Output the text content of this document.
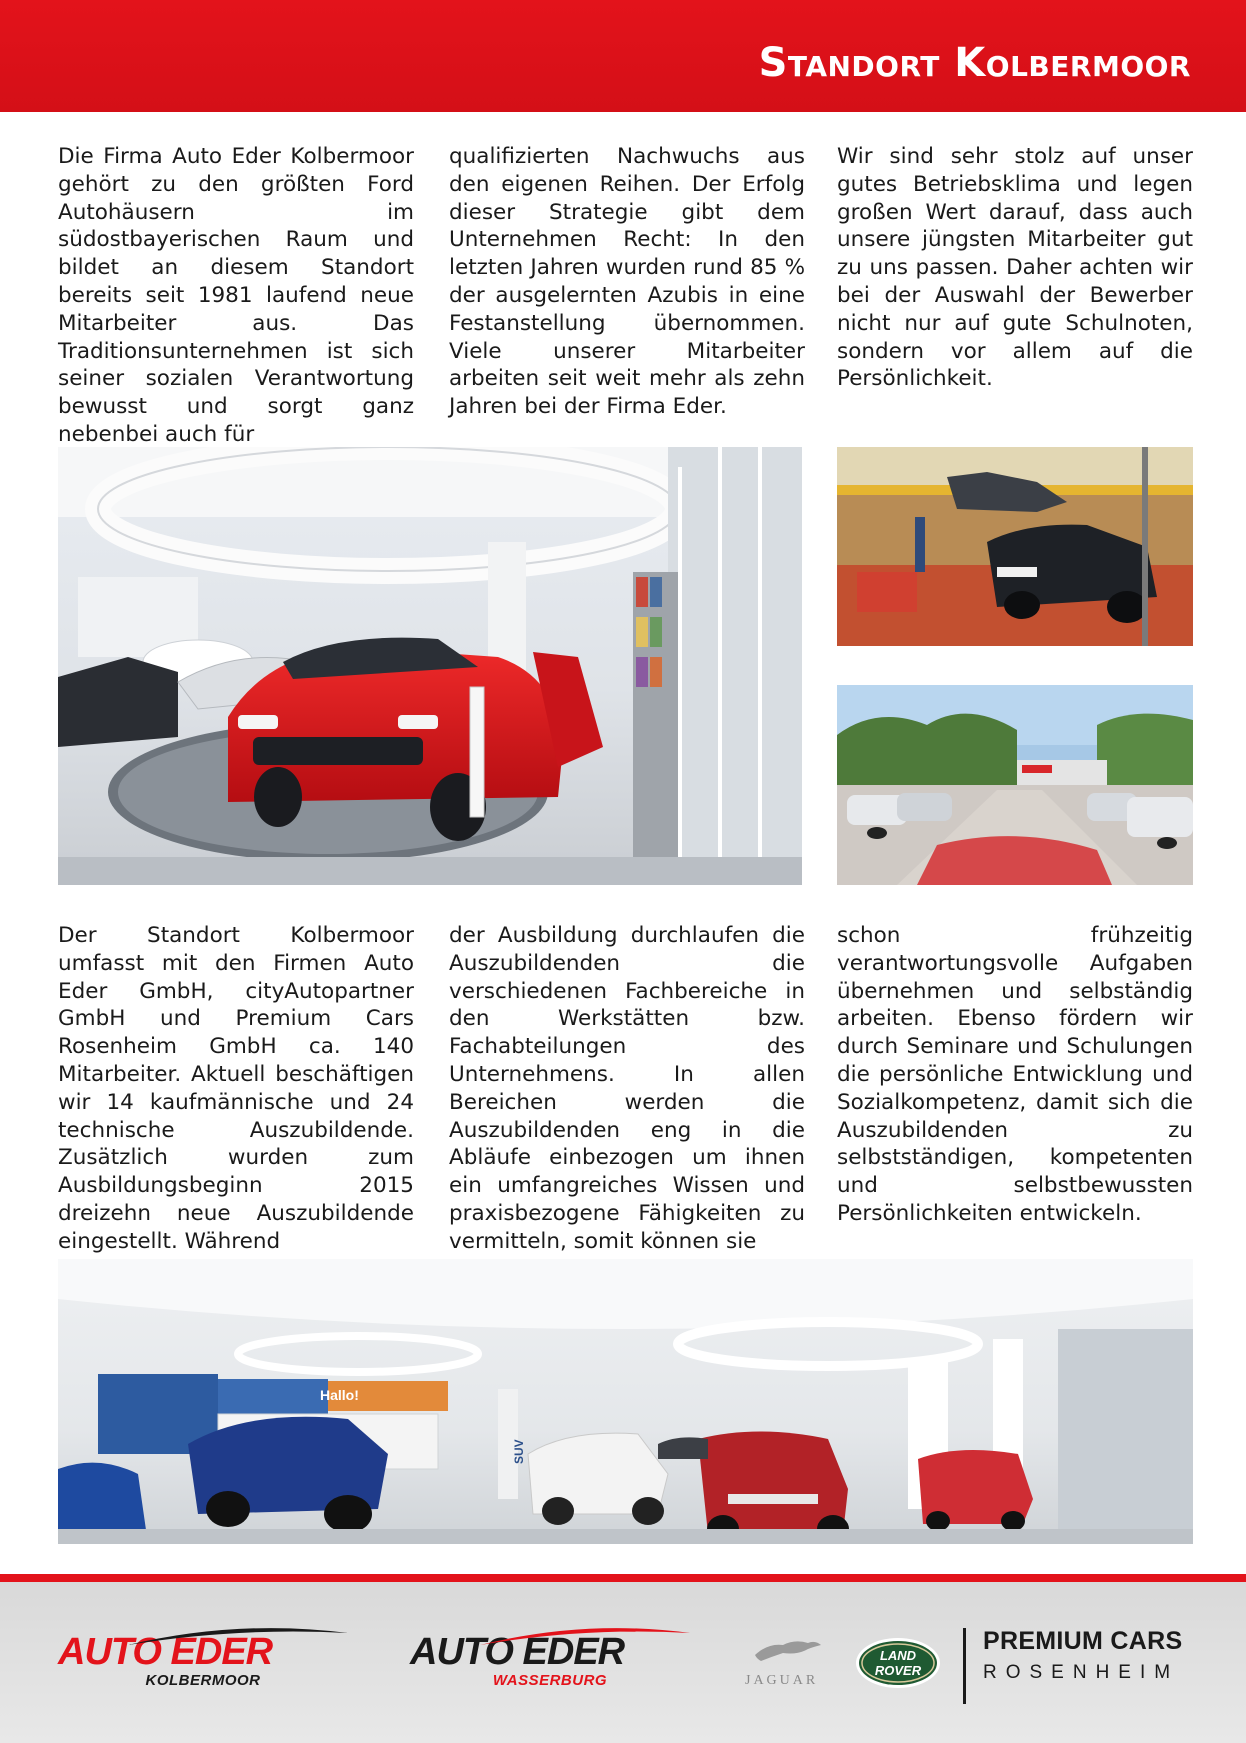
Standort Kolbermoor

Die Firma Auto Eder Kolbermoor gehört zu den größten Ford Autohäusern im südostbayerischen Raum und bildet an diesem Standort bereits seit 1981 laufend neue Mitarbeiter aus. Das Traditionsunternehmen ist sich seiner sozialen Verantwortung bewusst und sorgt ganz nebenbei auch für

qualifizierten Nachwuchs aus den eigenen Reihen. Der Erfolg dieser Strategie gibt dem Unternehmen Recht: In den letzten Jahren wurden rund 85 % der ausgelernten Azubis in eine Festanstellung übernommen. Viele unserer Mitarbeiter arbeiten seit weit mehr als zehn Jahren bei der Firma Eder.

Wir sind sehr stolz auf unser gutes Betriebsklima und legen großen Wert darauf, dass auch unsere jüngsten Mitarbeiter gut zu uns passen. Daher achten wir bei der Auswahl der Bewerber nicht nur auf gute Schulnoten, sondern vor allem auf die Persönlichkeit.

Der Standort Kolbermoor umfasst mit den Firmen Auto Eder GmbH, cityAutopartner GmbH und Premium Cars Rosenheim GmbH ca. 140 Mitarbeiter. Aktuell beschäftigen wir 14 kaufmännische und 24 technische Auszubildende. Zusätzlich wurden zum Ausbildungsbeginn 2015 dreizehn neue Auszubildende eingestellt. Während

der Ausbildung durchlaufen die Auszubildenden die verschiedenen Fachbereiche in den Werkstätten bzw. Fachabteilungen des Unternehmens. In allen Bereichen werden die Auszubildenden eng in die Abläufe einbezogen um ihnen ein umfangreiches Wissen und praxisbezogene Fähigkeiten zu vermitteln, somit können sie

schon frühzeitig verantwortungsvolle Aufgaben übernehmen und selbständig arbeiten. Ebenso fördern wir durch Seminare und Schulungen die persönliche Entwicklung und Sozialkompetenz, damit sich die Auszubildenden zu selbstständigen, kompetenten und selbstbewussten Persönlichkeiten entwickeln.

Hallo!
SUV
AUTO EDER
KOLBERMOOR
AUTO EDER
WASSERBURG	JAGUAR
LAND
ROVER
PREMIUM CARS
ROSENHEIM
